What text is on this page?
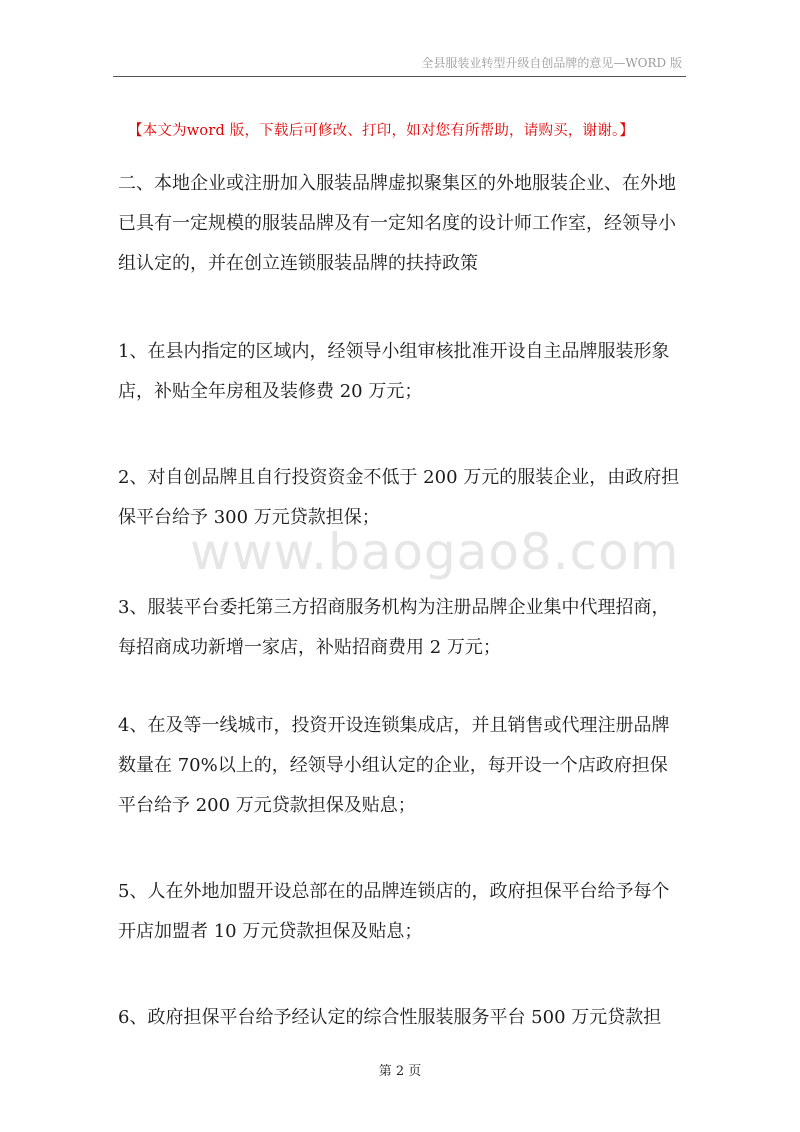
全县服装业转型升级自创品牌的意见—WORD 版
【本文为word 版，下载后可修改、打印，如对您有所帮助，请购买，谢谢。】

二、本地企业或注册加入服装品牌虚拟聚集区的外地服装企业、在外地已具有一定规模的服装品牌及有一定知名度的设计师工作室，经领导小组认定的，并在创立连锁服装品牌的扶持政策

1、在县内指定的区域内，经领导小组审核批准开设自主品牌服装形象店，补贴全年房租及装修费 20 万元；

2、对自创品牌且自行投资资金不低于 200 万元的服装企业，由政府担保平台给予 300 万元贷款担保；

www.baogao8.com

3、服装平台委托第三方招商服务机构为注册品牌企业集中代理招商，每招商成功新增一家店，补贴招商费用 2 万元；

4、在及等一线城市，投资开设连锁集成店，并且销售或代理注册品牌数量在 70%以上的，经领导小组认定的企业，每开设一个店政府担保平台给予 200 万元贷款担保及贴息；

5、人在外地加盟开设总部在的品牌连锁店的，政府担保平台给予每个开店加盟者 10 万元贷款担保及贴息；

6、政府担保平台给予经认定的综合性服装服务平台 500 万元贷款担

第 2 页
